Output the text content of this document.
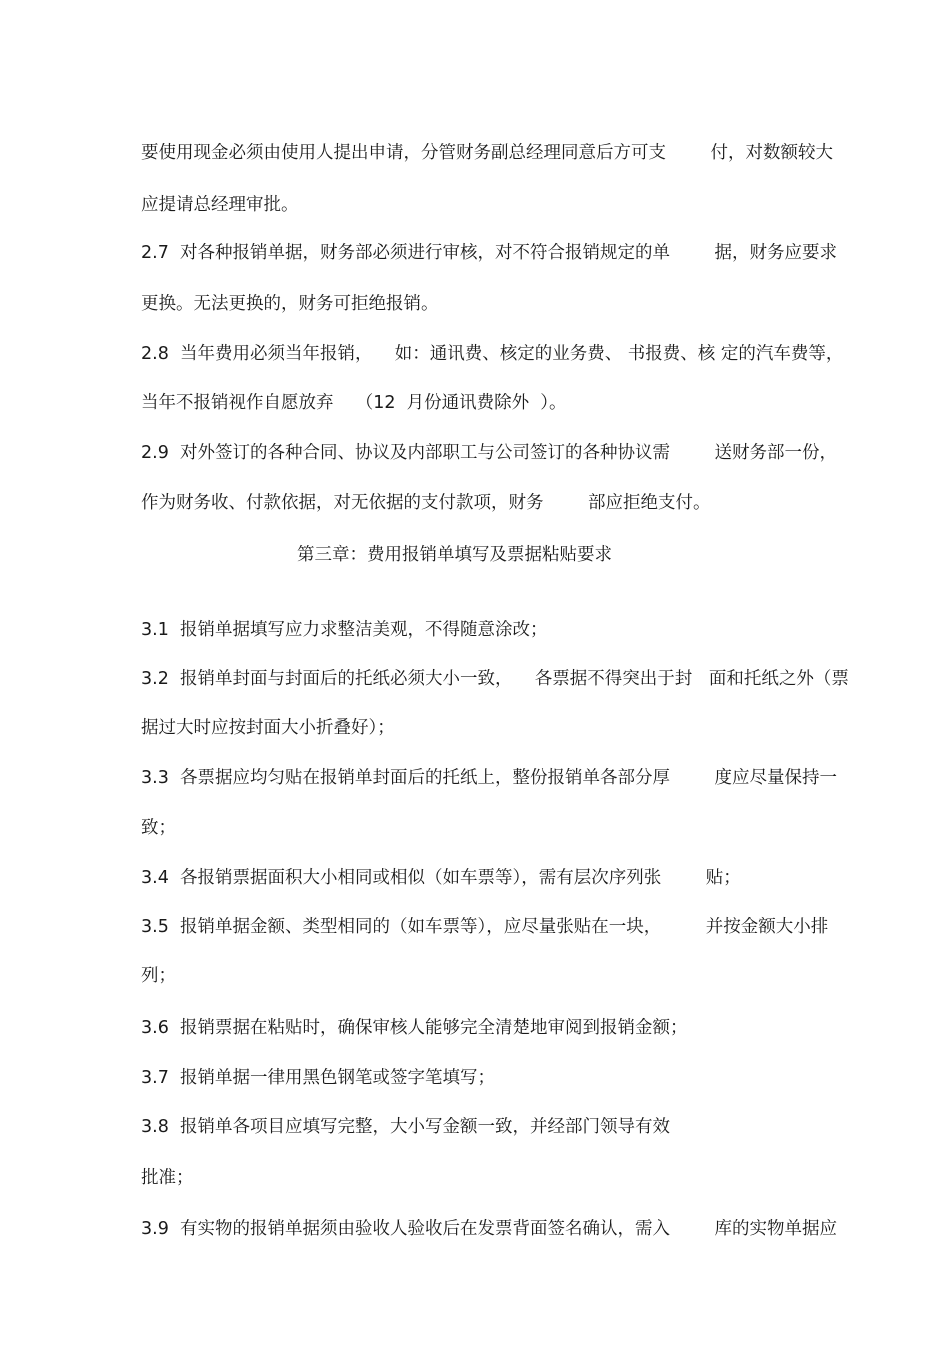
要使用现金必须由使用人提出申请，分管财务副总经理同意后方可支        付，对数额较大
应提请总经理审批。
2.7  对各种报销单据，财务部必须进行审核，对不符合报销规定的单        据，财务应要求
更换。无法更换的，财务可拒绝报销。
2.8  当年费用必须当年报销，    如：通讯费、核定的业务费、 书报费、核 定的汽车费等，
当年不报销视作自愿放弃    （12  月份通讯费除外  ）。
2.9  对外签订的各种合同、协议及内部职工与公司签订的各种协议需        送财务部一份，
作为财务收、付款依据，对无依据的支付款项，财务        部应拒绝支付。
第三章：费用报销单填写及票据粘贴要求
3.1  报销单据填写应力求整洁美观，不得随意涂改；
3.2  报销单封面与封面后的托纸必须大小一致，    各票据不得突出于封   面和托纸之外（票
据过大时应按封面大小折叠好）；
3.3  各票据应均匀贴在报销单封面后的托纸上，整份报销单各部分厚        度应尽量保持一
致；
3.4  各报销票据面积大小相同或相似（如车票等），需有层次序列张        贴；
3.5  报销单据金额、类型相同的（如车票等），应尽量张贴在一块，        并按金额大小排
列；
3.6  报销票据在粘贴时，确保审核人能够完全清楚地审阅到报销金额；
3.7  报销单据一律用黑色钢笔或签字笔填写；
3.8  报销单各项目应填写完整，大小写金额一致，并经部门领导有效
批准；
3.9  有实物的报销单据须由验收人验收后在发票背面签名确认，需入        库的实物单据应
